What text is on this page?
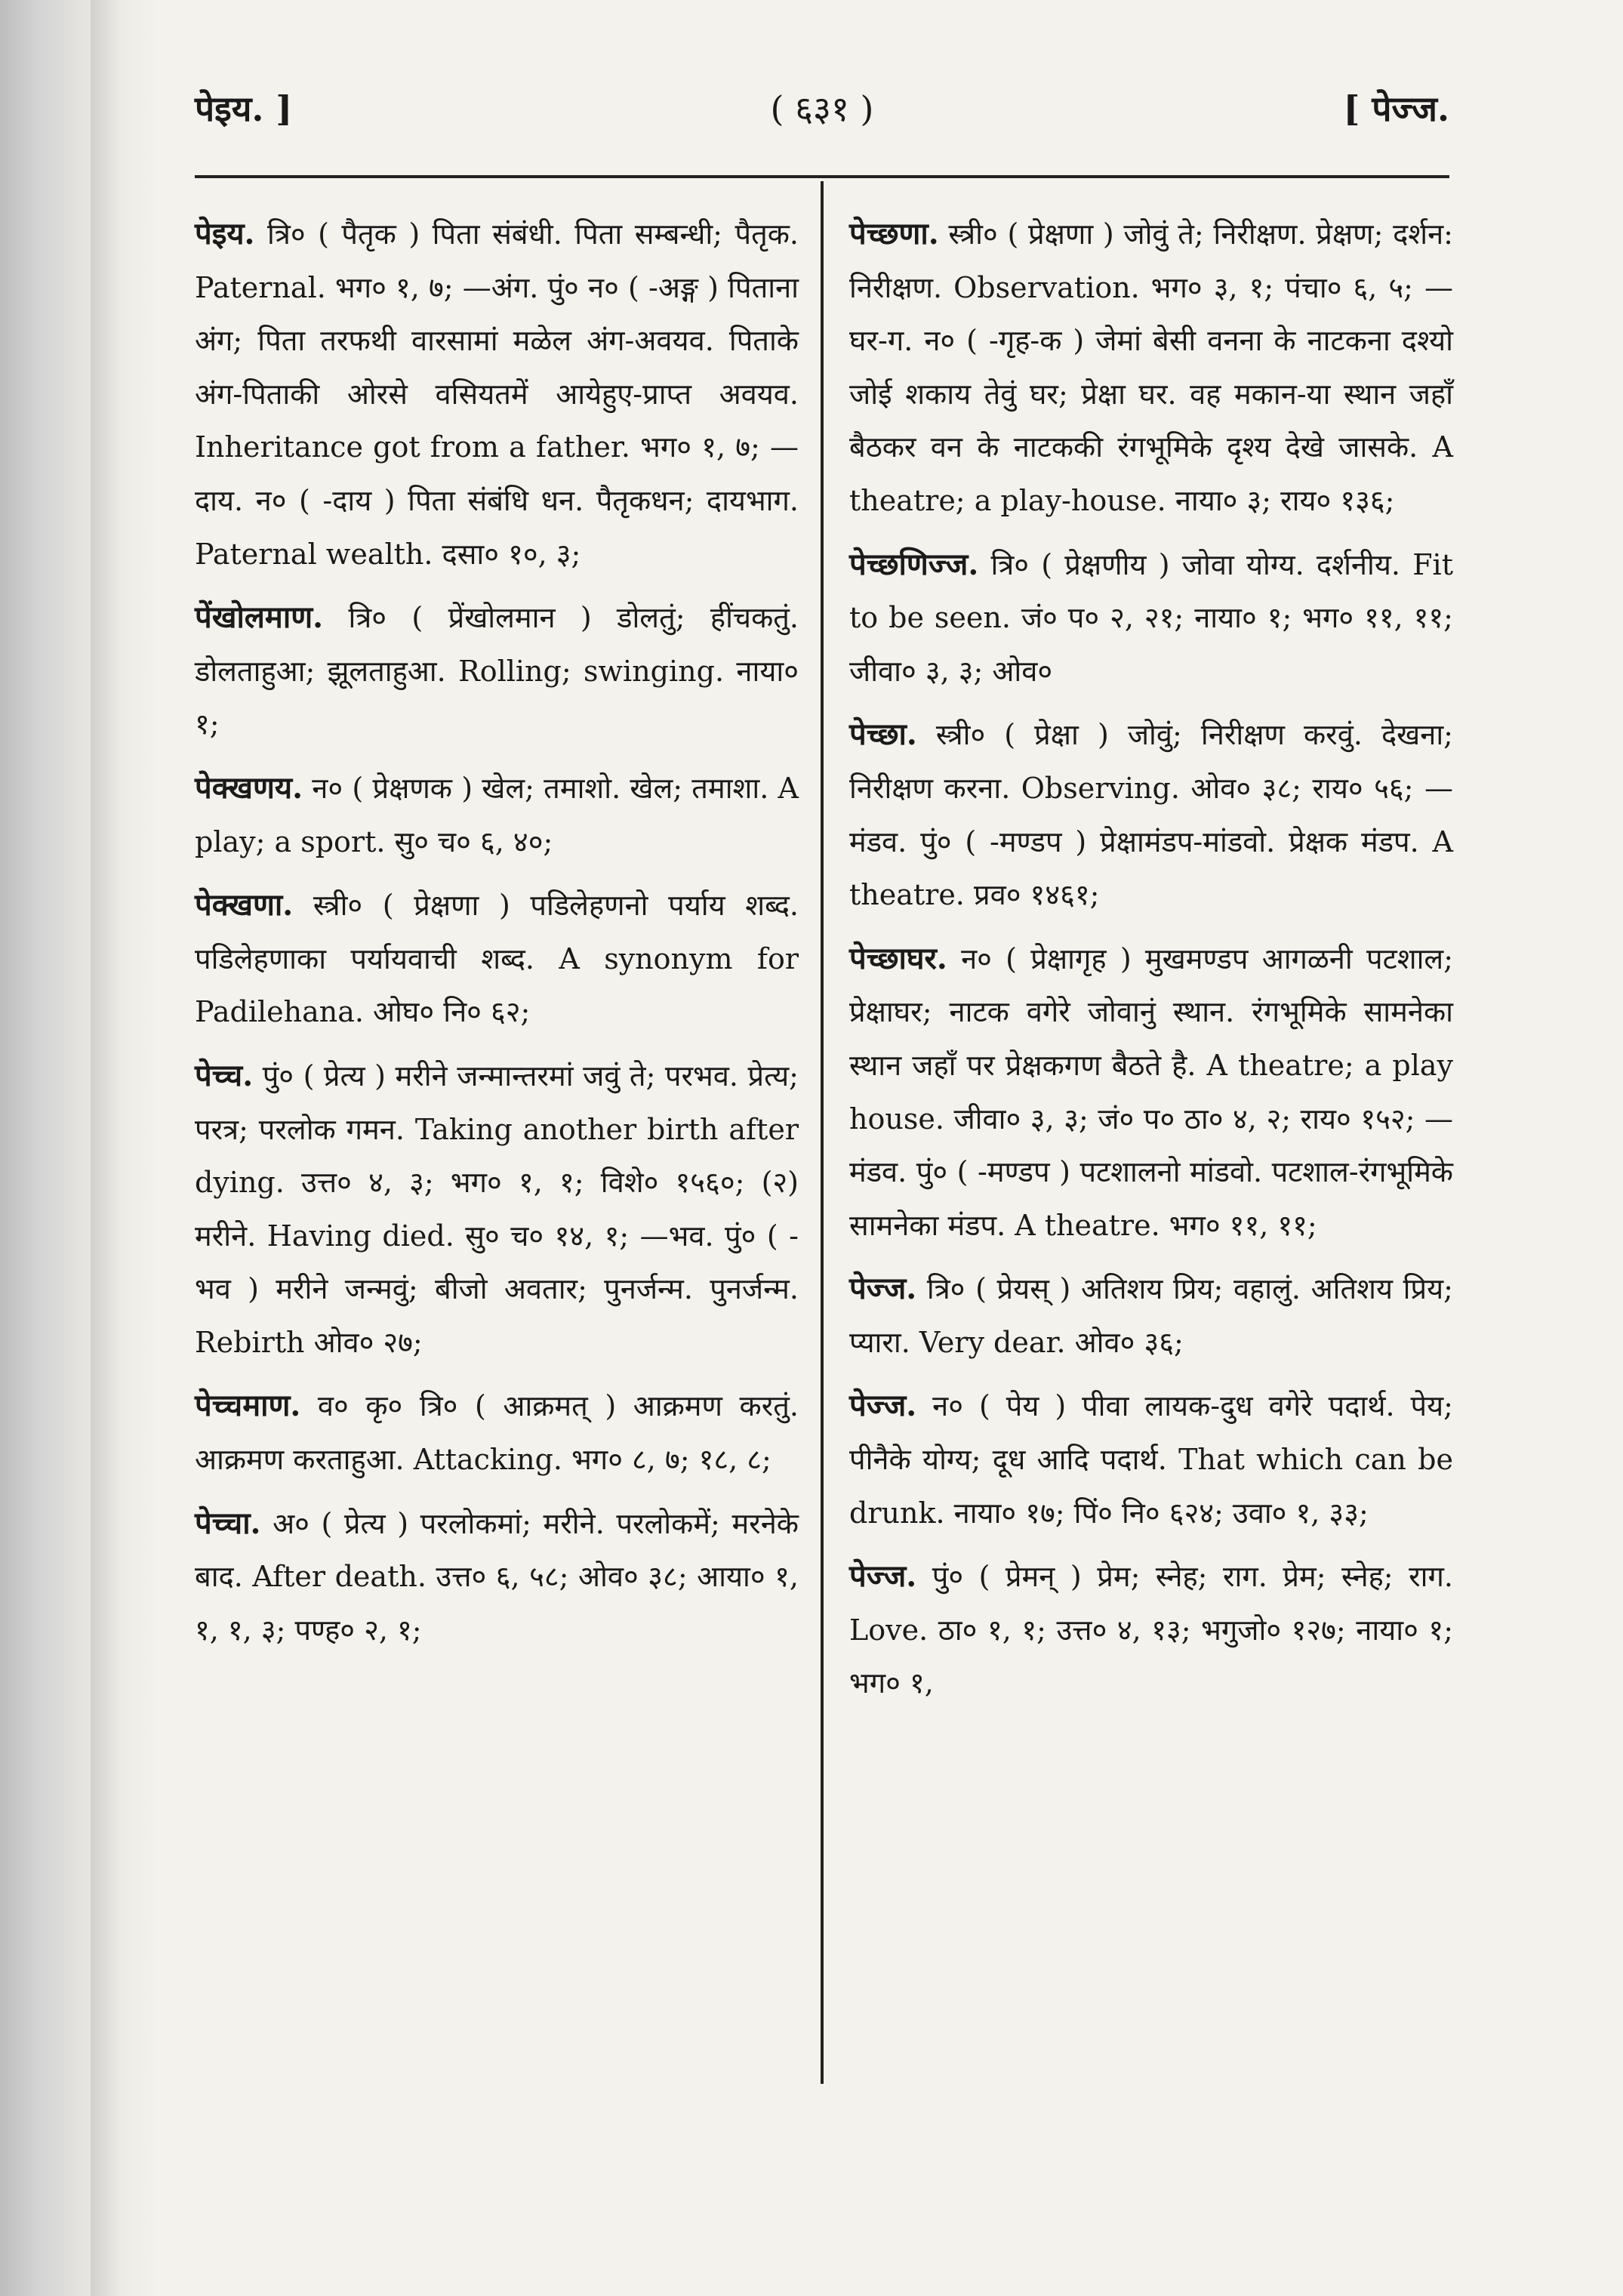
पेइय. ]	( ६३१ )	[ पेज्ज.

पेइय. त्रि० ( पैतृक ) पिता संबंधी. पिता सम्बन्धी; पैतृक. Paternal. भग० १, ७; —अंग. पुं० न० ( -अङ्ग ) पिताना अंग; पिता तरफथी वारसामां मळेल अंग-अवयव. पिताके अंग-पिताकी ओरसे वसियतमें आयेहुए-प्राप्त अवयव. Inheritance got from a father. भग० १, ७; —दाय. न० ( -दाय ) पिता संबंधि धन. पैतृकधन; दायभाग. Paternal wealth. दसा० १०, ३;

पेंखोलमाण. त्रि० ( प्रेंखोलमान ) डोलतुं; हींचकतुं. डोलताहुआ; झूलताहुआ. Rolling; swinging. नाया० १;

पेक्खणय. न० ( प्रेक्षणक ) खेल; तमाशो. खेल; तमाशा. A play; a sport. सु० च० ६, ४०;

पेक्खणा. स्त्री० ( प्रेक्षणा ) पडिलेहणनो पर्याय शब्द. पडिलेहणाका पर्यायवाची शब्द. A synonym for Padilehana. ओघ० नि० ६२;

पेच्च. पुं० ( प्रेत्य ) मरीने जन्मान्तरमां जवुं ते; परभव. प्रेत्य; परत्र; परलोक गमन. Taking another birth after dying. उत्त० ४, ३; भग० १, १; विशे० १५६०; (२) मरीने. Having died. सु० च० १४, १; —भव. पुं० ( -भव ) मरीने जन्मवुं; बीजो अवतार; पुनर्जन्म. पुनर्जन्म. Rebirth ओव० २७;

पेच्चमाण. व० कृ० त्रि० ( आक्रमत् ) आक्रमण करतुं. आक्रमण करताहुआ. Attacking. भग० ८, ७; १८, ८;

पेच्चा. अ० ( प्रेत्य ) परलोकमां; मरीने. परलोकमें; मरनेके बाद. After death. उत्त० ६, ५८; ओव० ३८; आया० १, १, १, ३; पण्ह० २, १;

पेच्छणा. स्त्री० ( प्रेक्षणा ) जोवुं ते; निरीक्षण. प्रेक्षण; दर्शन: निरीक्षण. Observation. भग० ३, १; पंचा० ६, ५; —घर-ग. न० ( -गृह-क ) जेमां बेसी वनना के नाटकना दश्यो जोई शकाय तेवुं घर; प्रेक्षा घर. वह मकान-या स्थान जहाँ बैठकर वन के नाटककी रंगभूमिके दृश्य देखे जासके. A theatre; a play-house. नाया० ३; राय० १३६;

पेच्छणिज्ज. त्रि० ( प्रेक्षणीय ) जोवा योग्य. दर्शनीय. Fit to be seen. जं० प० २, २१; नाया० १; भग० ११, ११; जीवा० ३, ३; ओव०

पेच्छा. स्त्री० ( प्रेक्षा ) जोवुं; निरीक्षण करवुं. देखना; निरीक्षण करना. Observing. ओव० ३८; राय० ५६; —मंडव. पुं० ( -मण्डप ) प्रेक्षामंडप-मांडवो. प्रेक्षक मंडप. A theatre. प्रव० १४६१;

पेच्छाघर. न० ( प्रेक्षागृह ) मुखमण्डप आगळनी पटशाल; प्रेक्षाघर; नाटक वगेरे जोवानुं स्थान. रंगभूमिके सामनेका स्थान जहाँ पर प्रेक्षकगण बैठते है. A theatre; a play house. जीवा० ३, ३; जं० प० ठा० ४, २; राय० १५२; —मंडव. पुं० ( -मण्डप ) पटशालनो मांडवो. पटशाल-रंगभूमिके सामनेका मंडप. A theatre. भग० ११, ११;

पेज्ज. त्रि० ( प्रेयस् ) अतिशय प्रिय; वहालुं. अतिशय प्रिय; प्यारा. Very dear. ओव० ३६;

पेज्ज. न० ( पेय ) पीवा लायक-दुध वगेरे पदार्थ. पेय; पीनैके योग्य; दूध आदि पदार्थ. That which can be drunk. नाया० १७; पिं० नि० ६२४; उवा० १, ३३;

पेज्ज. पुं० ( प्रेमन् ) प्रेम; स्नेह; राग. प्रेम; स्नेह; राग. Love. ठा० १, १; उत्त० ४, १३; भगुजो० १२७; नाया० १; भग० १,
